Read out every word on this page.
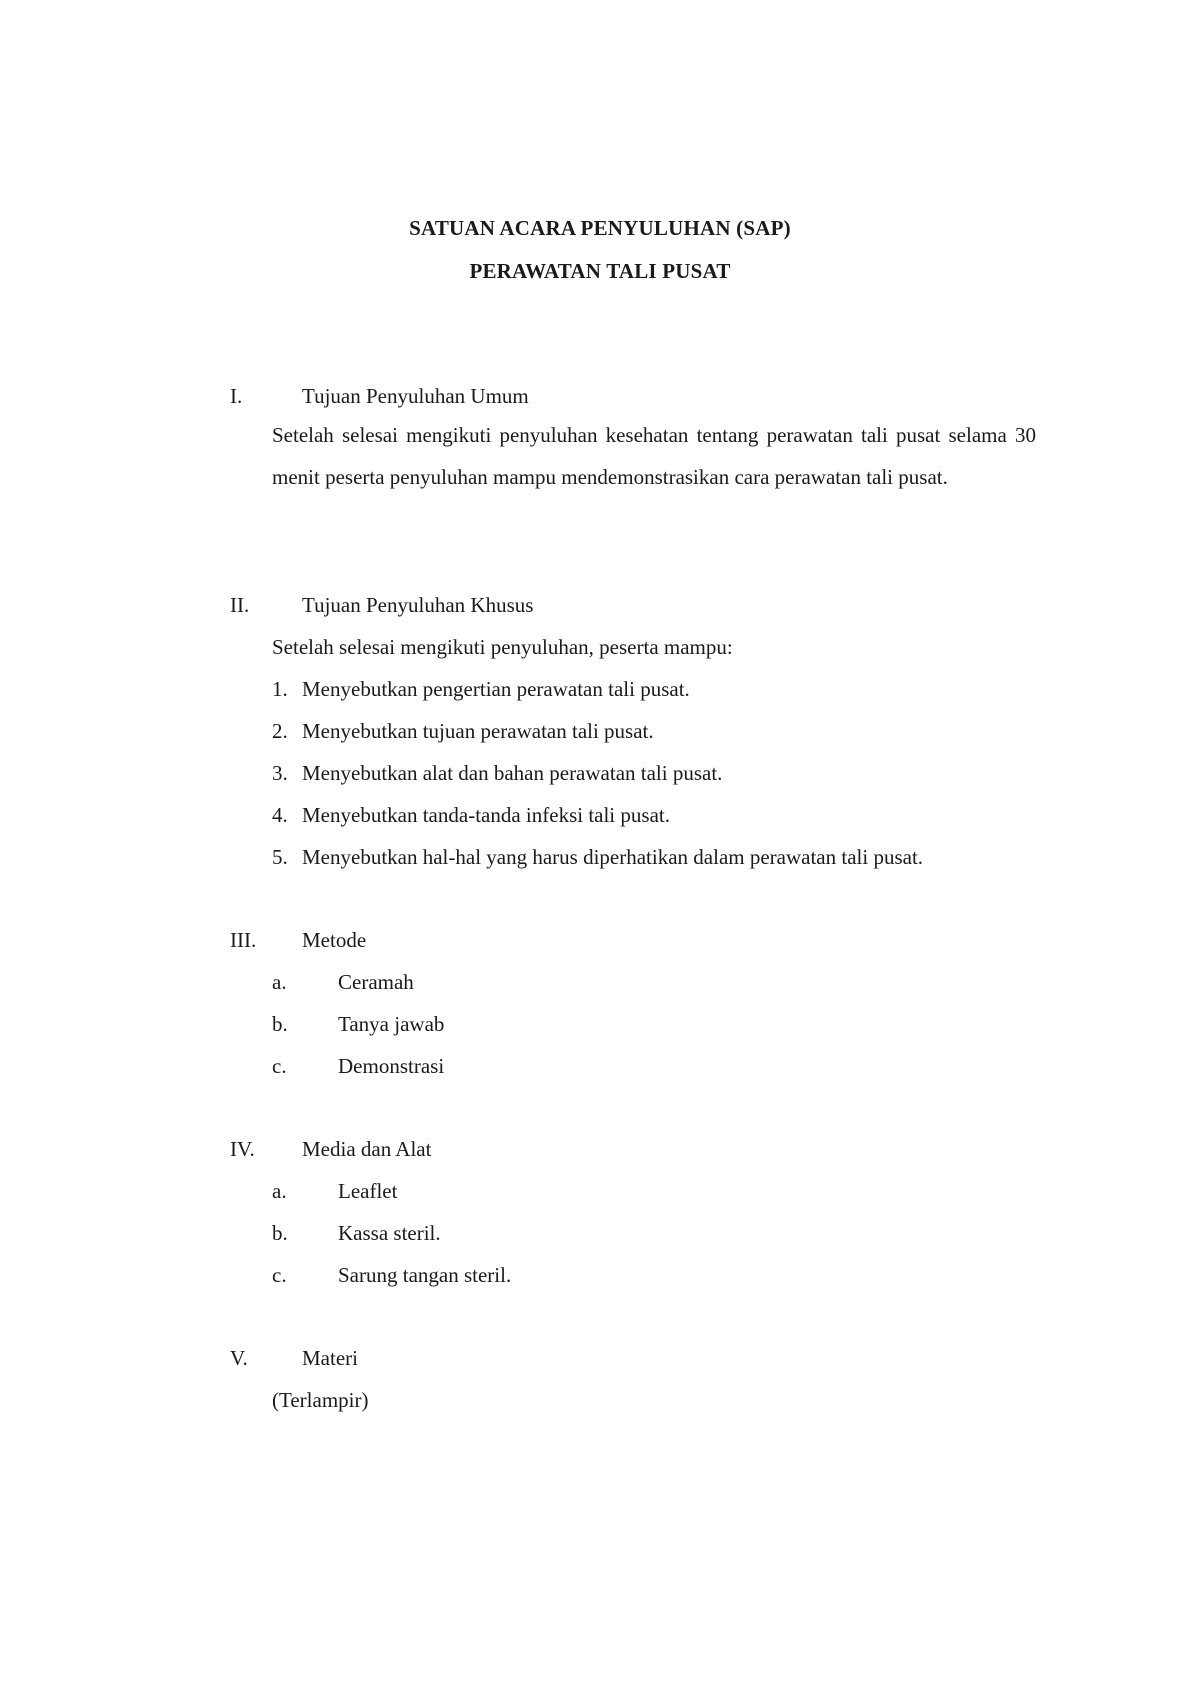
SATUAN ACARA PENYULUHAN (SAP)
PERAWATAN TALI PUSAT
I.	Tujuan Penyuluhan Umum
Setelah selesai mengikuti penyuluhan kesehatan tentang perawatan tali pusat selama 30 menit peserta penyuluhan mampu mendemonstrasikan cara perawatan tali pusat.
II.	Tujuan Penyuluhan Khusus
Setelah selesai mengikuti penyuluhan, peserta mampu:
1. Menyebutkan pengertian perawatan tali pusat.
2. Menyebutkan tujuan perawatan tali pusat.
3. Menyebutkan alat dan bahan perawatan tali pusat.
4. Menyebutkan tanda-tanda infeksi tali pusat.
5. Menyebutkan hal-hal yang harus diperhatikan dalam perawatan tali pusat.
III. Metode
a. Ceramah
b. Tanya jawab
c. Demonstrasi
IV. Media dan Alat
a. Leaflet
b. Kassa steril.
c. Sarung tangan steril.
V.	Materi
(Terlampir)
